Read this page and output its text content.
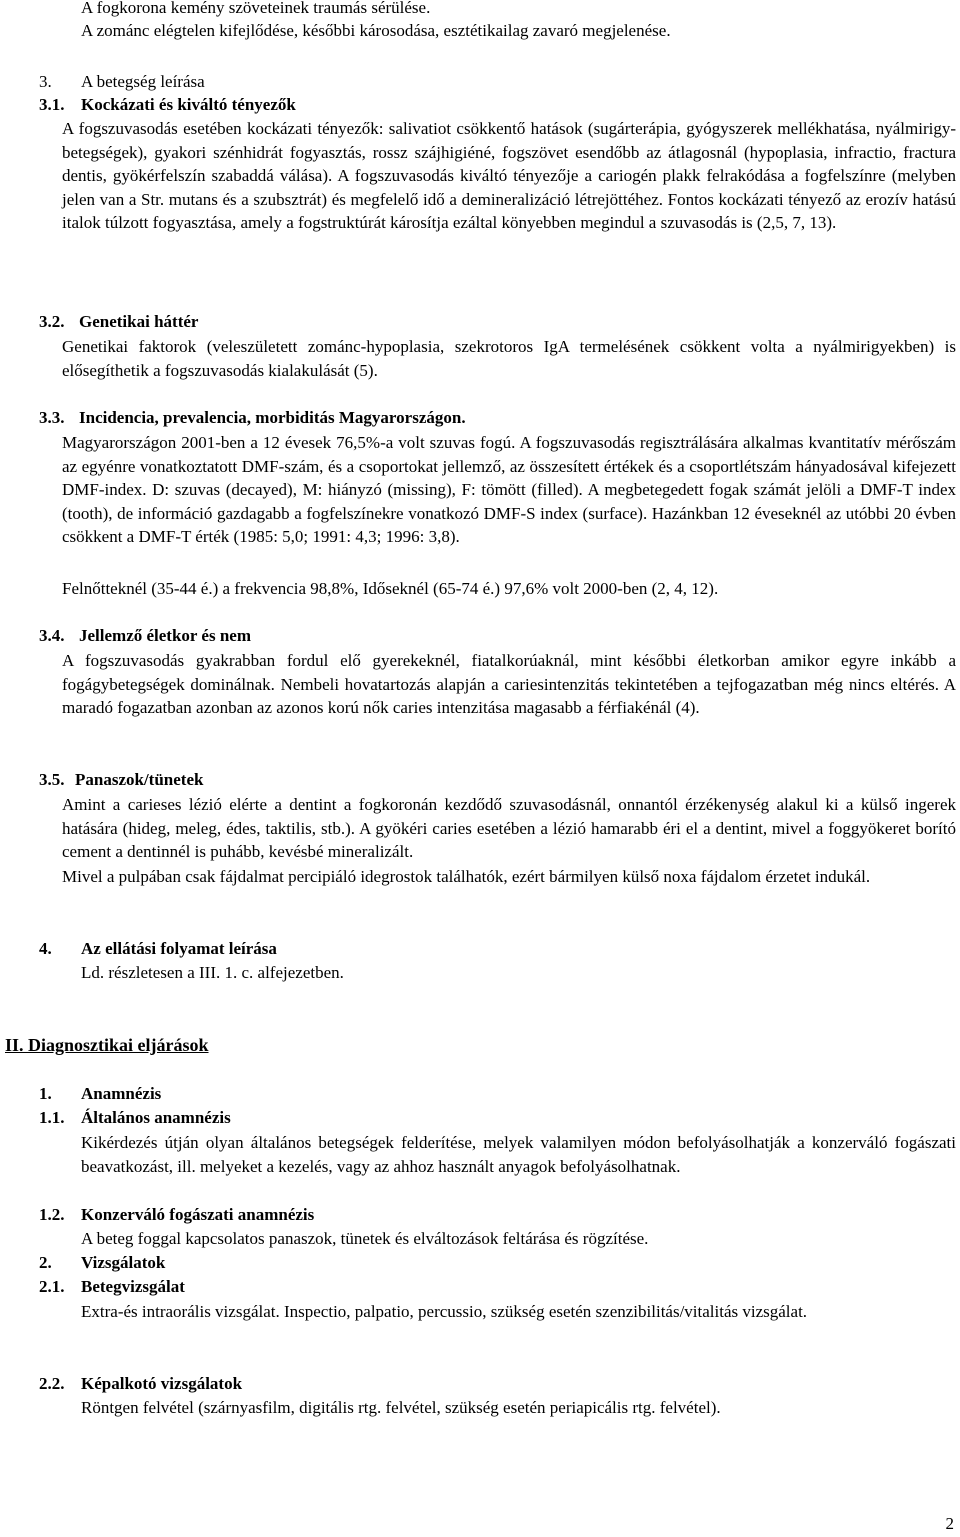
A fogkorona kemény szöveteinek traumás sérülése.
A zománc elégtelen kifejlődése, későbbi károsodása, esztétikailag zavaró megjelenése.
3. A betegség leírása
3.1. Kockázati és kiváltó tényezők
A fogszuvasodás esetében kockázati tényezők: salivatiot csökkentő hatások (sugárterápia, gyógyszerek mellékhatása, nyálmirigy-betegségek), gyakori szénhidrát fogyasztás, rossz szájhigiéné, fogszövet esendőbb az átlagosnál (hypoplasia, infractio, fractura dentis, gyökérfelszín szabaddá válása). A fogszuvasodás kiváltó tényezője a cariogén plakk felrakódása a fogfelszínre (melyben jelen van a Str. mutans és a szubsztrát) és megfelelő idő a demineralizáció létrejöttéhez. Fontos kockázati tényező az erozív hatású italok túlzott fogyasztása, amely a fogstruktúrát károsítja ezáltal könyebben megindul a szuvasodás is (2,5, 7, 13).
3.2. Genetikai háttér
Genetikai faktorok (veleszületett zománc-hypoplasia, szekrotoros IgA termelésének csökkent volta a nyálmirigyekben) is elősegíthetik a fogszuvasodás kialakulását (5).
3.3. Incidencia, prevalencia, morbiditás Magyarországon.
Magyarországon 2001-ben a 12 évesek 76,5%-a volt szuvas fogú. A fogszuvasodás regisztrálására alkalmas kvantitatív mérőszám az egyénre vonatkoztatott DMF-szám, és a csoportokat jellemző, az összesített értékek és a csoportlétszám hányadosával kifejezett DMF-index. D: szuvas (decayed), M: hiányzó (missing), F: tömött (filled). A megbetegedett fogak számát jelöli a DMF-T index (tooth), de információ gazdagabb a fogfelszínekre vonatkozó DMF-S index (surface). Hazánkban 12 éveseknél az utóbbi 20 évben csökkent a DMF-T érték (1985: 5,0; 1991: 4,3; 1996: 3,8).
Felnőtteknél (35-44 é.) a frekvencia 98,8%, Időseknél (65-74 é.) 97,6% volt 2000-ben (2, 4, 12).
3.4. Jellemző életkor és nem
A fogszuvasodás gyakrabban fordul elő gyerekeknél, fiatalkorúaknál, mint későbbi életkorban amikor egyre inkább a fogágybetegségek dominálnak. Nembeli hovatartozás alapján a cariesintenzitás tekintetében a tejfogazatban még nincs eltérés. A maradó fogazatban azonban az azonos korú nők caries intenzitása magasabb a férfiakénál (4).
3.5. Panaszok/tünetek
Amint a carieses lézió elérte a dentint a fogkoronán kezdődő szuvasodásnál, onnantól érzékenység alakul ki a külső ingerek hatására (hideg, meleg, édes, taktilis, stb.). A gyökéri caries esetében a lézió hamarabb éri el a dentint, mivel a foggyökeret borító cement a dentinnél is puhább, kevésbé mineralizált.
Mivel a pulpában csak fájdalmat percipiáló idegrostok találhatók, ezért bármilyen külső noxa fájdalom érzetet indukál.
4. Az ellátási folyamat leírása
Ld. részletesen a III. 1. c. alfejezetben.
II. Diagnosztikai eljárások
1. Anamnézis
1.1. Általános anamnézis
Kikérdezés útján olyan általános betegségek felderítése, melyek valamilyen módon befolyásolhatják a konzerváló fogászati beavatkozást, ill. melyeket a kezelés, vagy az ahhoz használt anyagok befolyásolhatnak.
1.2. Konzerváló fogászati anamnézis
A beteg foggal kapcsolatos panaszok, tünetek és elváltozások feltárása és rögzítése.
2. Vizsgálatok
2.1. Betegvizsgálat
Extra-és intraorális vizsgálat. Inspectio, palpatio, percussio, szükség esetén szenzibilitás/vitalitás vizsgálat.
2.2. Képalkotó vizsgálatok
Röntgen felvétel (szárnyasfilm, digitális rtg. felvétel, szükség esetén periapicális rtg. felvétel).
2
